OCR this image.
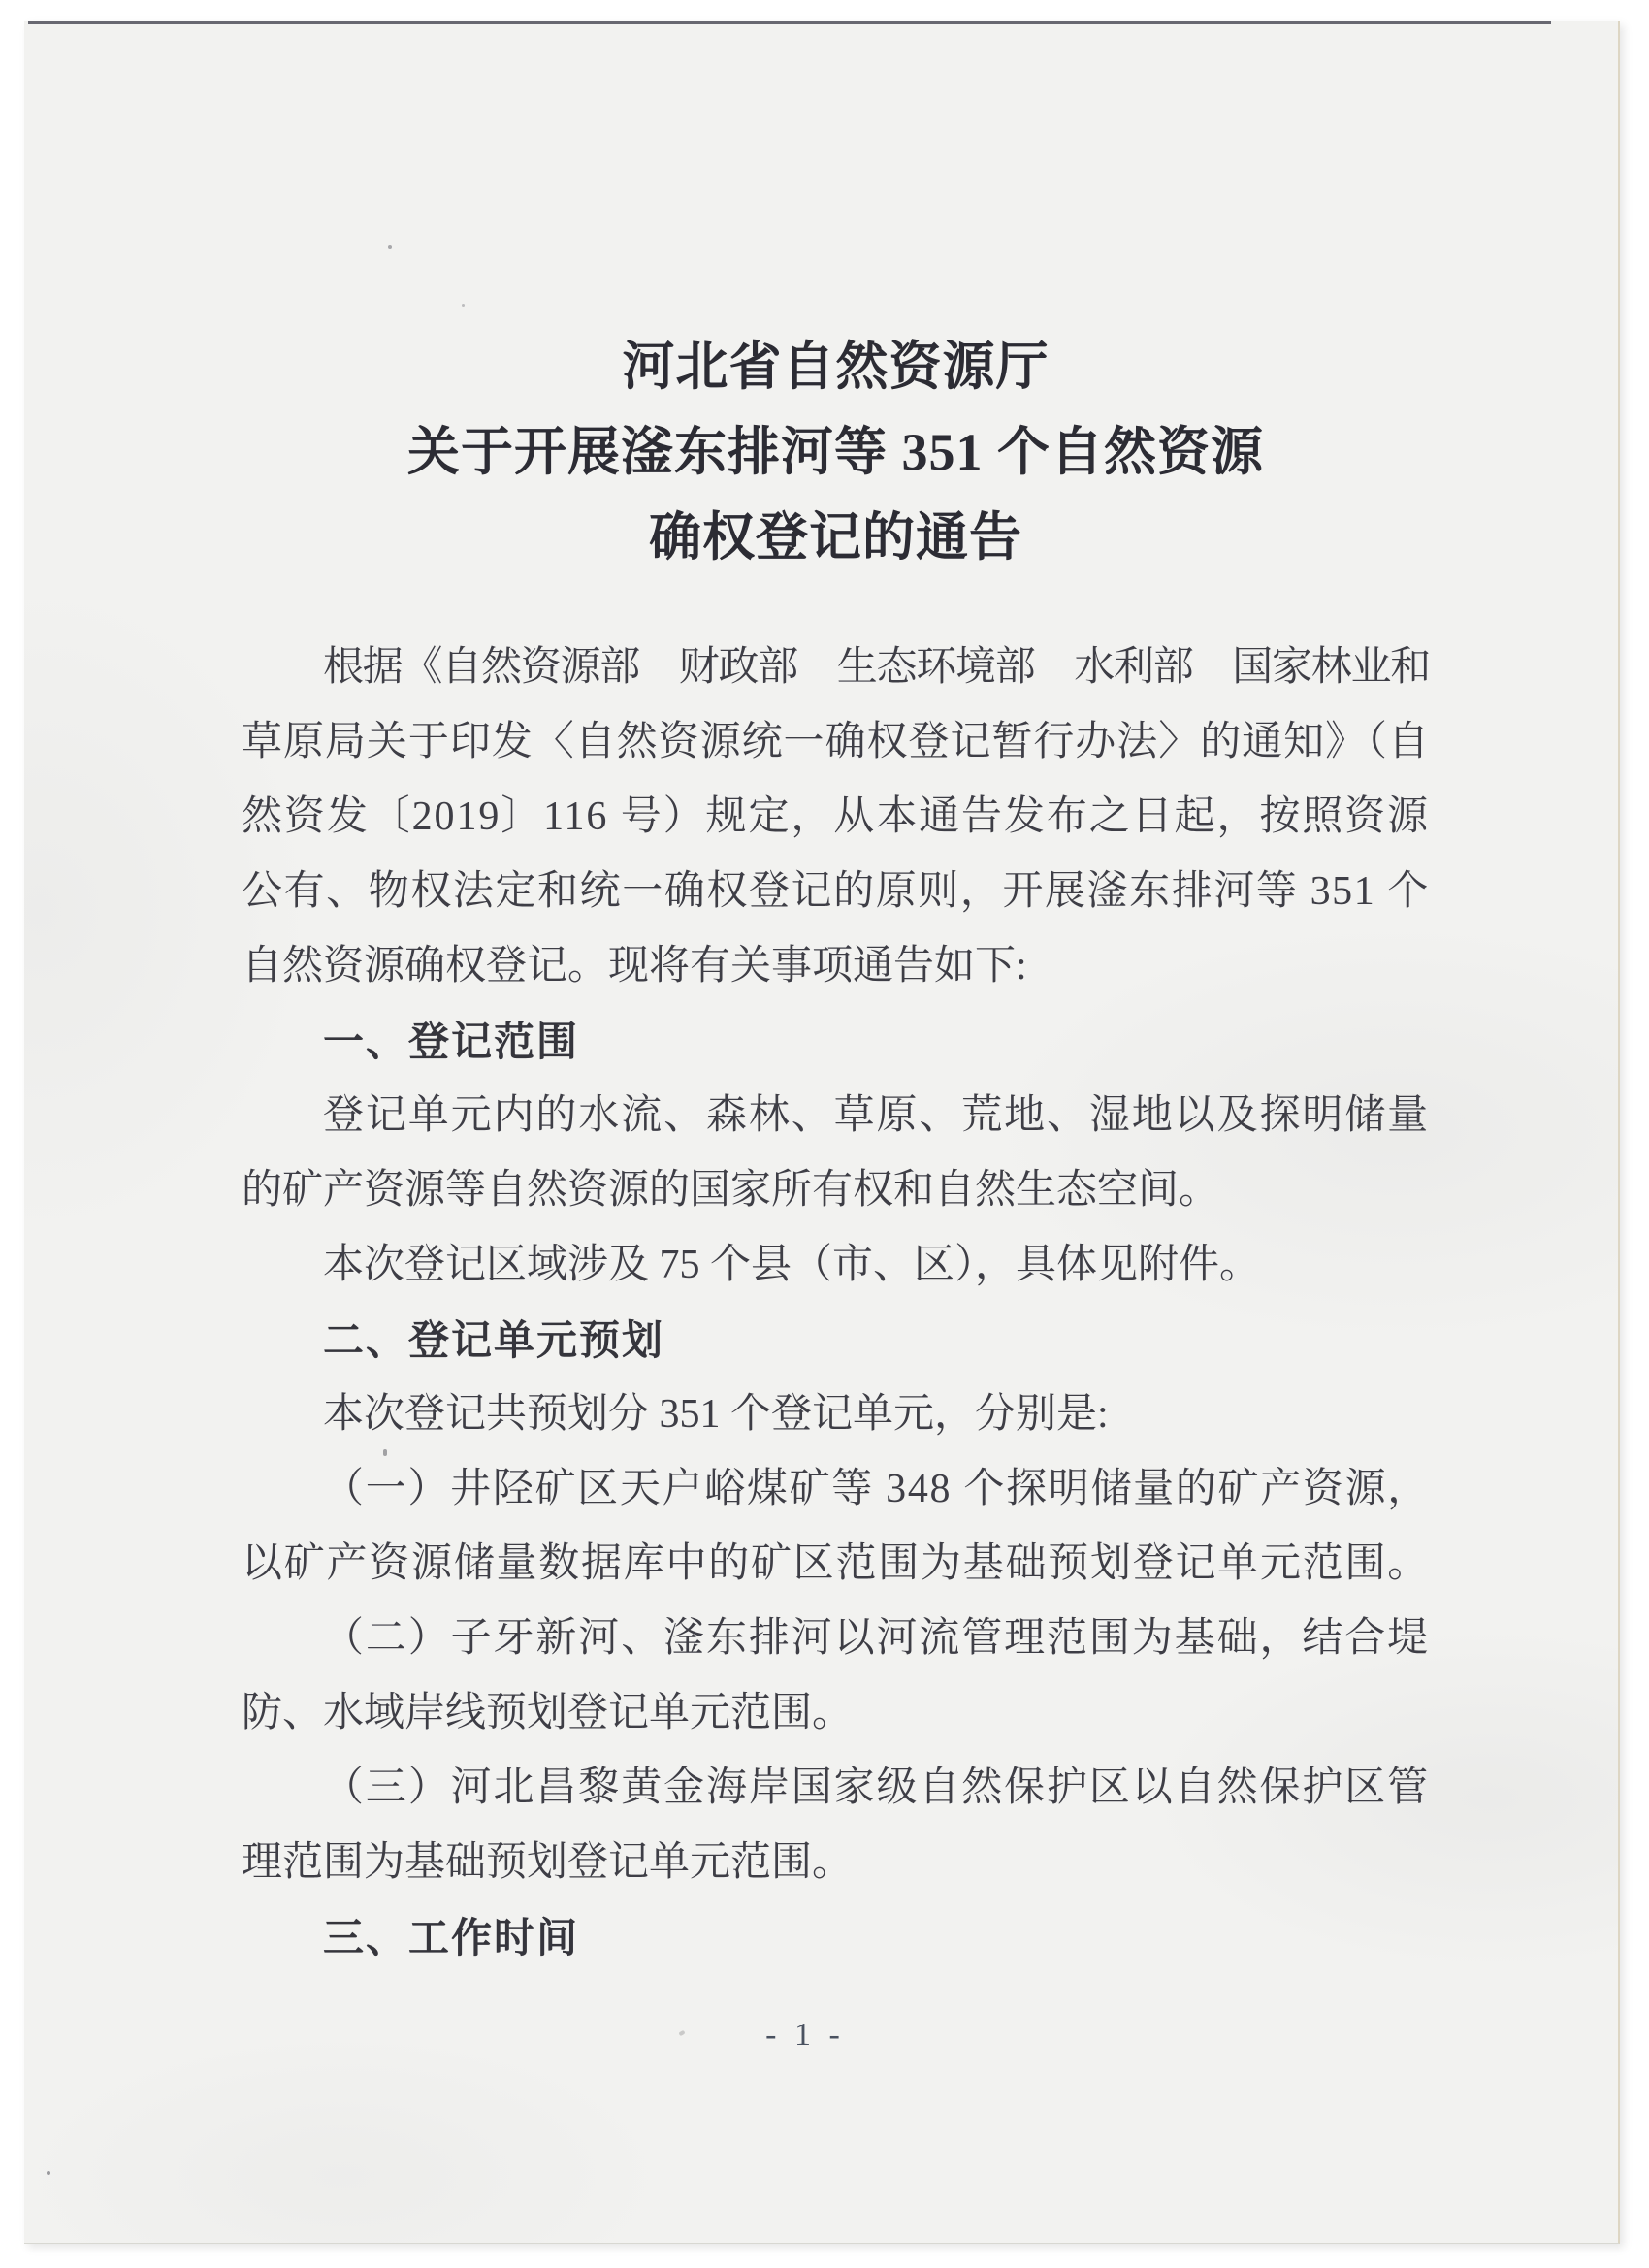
河北省自然资源厅
关于开展滏东排河等 351 个自然资源
确权登记的通告
根据《自然资源部　财政部　生态环境部　水利部　国家林业和
草原局关于印发〈自然资源统一确权登记暂行办法〉的通知》（自
然资发〔2019〕116 号）规定，从本通告发布之日起，按照资源
公有、物权法定和统一确权登记的原则，开展滏东排河等 351 个
自然资源确权登记。现将有关事项通告如下:
一、登记范围
登记单元内的水流、森林、草原、荒地、湿地以及探明储量
的矿产资源等自然资源的国家所有权和自然生态空间。
本次登记区域涉及 75 个县（市、区），具体见附件。
二、登记单元预划
本次登记共预划分 351 个登记单元，分别是:
（一）井陉矿区天户峪煤矿等 348 个探明储量的矿产资源，
以矿产资源储量数据库中的矿区范围为基础预划登记单元范围。
（二）子牙新河、滏东排河以河流管理范围为基础，结合堤
防、水域岸线预划登记单元范围。
（三）河北昌黎黄金海岸国家级自然保护区以自然保护区管
理范围为基础预划登记单元范围。
三、工作时间
- 1 -
